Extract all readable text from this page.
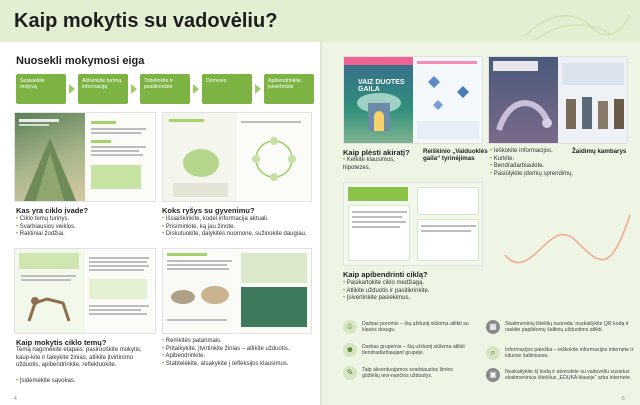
Kaip mokytis su vadovėliu?
Nuosekli mokymosi eiga
Susisiekite motyvą
Aktivinkite turimą informaciją
Tobulinkite ir pasitikrinkite
Dėmesio	Apibendrinkite, įsivertinkite
Kas yra ciklo įvade?
• Ciklo temų turinys.
• Svarbiausios veiklos.
• Raktiniai žodžiai.
Koks ryšys su gyvenimu?
• Išsiaiškinkite, kodėl informacija aktuali.
• Prisiminkite, ką jau žinote.
• Diskutuokite, dalykitės nuomone, sužinokite daugiau.
Kaip mokytis ciklo temų?
Temą nagrinėkite etapais: pasiruoškite mokytis, kaup-kite ir taikykite žinias, atlikite įtvirtinimo užduotis, apibendrinkite, reflektuokite.
• Įsidėmėkite sąvokas.
• Remkitės patarimais.
• Pritaikykite, įtvirtinkite žinias – atlikite užduotis.
• Apibendrinkite.
• Stabtelėkite, atsakykite į refleksijos klausimus.
4
VAIZ DUOTES GAILA
Kaip plėsti akiratį?
• Kelkite klausimus, hipotezes.
Reiškinio „Vaiduoklės gaila“ tyrinėjimas
• Ieškokite informacijos.
• Kurkite.
• Bendradarbiaukite.
• Pasiūlykite įdomių sprendimų.
Žaidimų kambarys
Kaip apibendrinti ciklą?
• Pasikartokite ciklo medžiagą.
• Atlikite užduotis ir pasitikrinkite.
• Įsivertinkite pasiekimus.
☺	Darbas poromis – šią užduotį siūloma atlikti su klasės draugu.
☻	Darbas grupėmis – šią užduotį siūloma atlikti bendradarbiaujant grupėje.
✎	Taip akcentuojamos svarbiausios žinios gūžtėlių ievi-nančios užduotys.
▦	Skaitmeninių išteklių nuoroda: nuskaitykite QR kodą ir raskite papildomų šaltinių užduotims atlikti.
⌕	Informacijos paieška – ieškokite informacijos internete ir kituose šaltiniuose.
▣	Nuskaitykite šį kodą ir atverskite su vadovėliu susietus skaitmeninius išteklius „EDUKA klasėje“ arba internete.
5
